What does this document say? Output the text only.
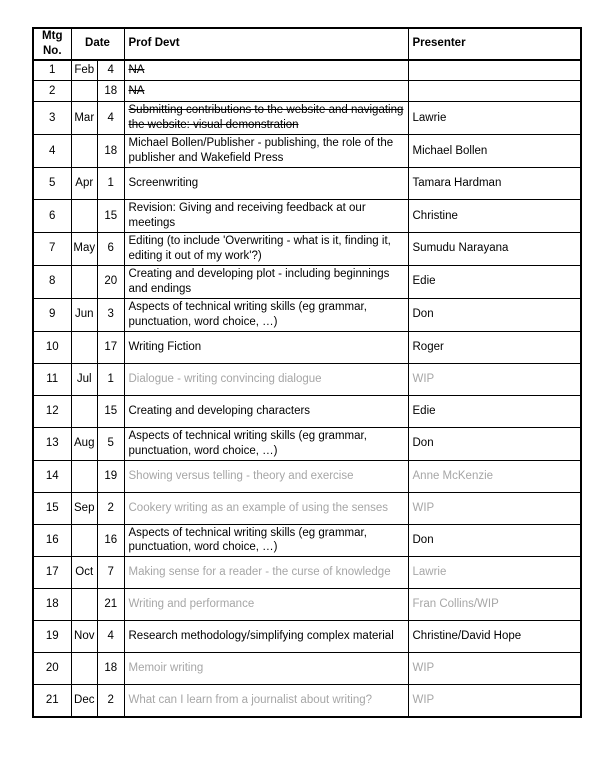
Mtg No.	Date		Prof Devt	Presenter
1	Feb	4	NA	
2		18	NA	
3	Mar	4	Submitting contributions to the website and navigating the website: visual demonstration	Lawrie
4		18	Michael Bollen/Publisher - publishing, the role of the publisher and Wakefield Press	Michael Bollen
5	Apr	1	Screenwriting	Tamara Hardman
6		15	Revision: Giving and receiving feedback at our meetings	Christine
7	May	6	Editing (to include 'Overwriting - what is it, finding it, editing it out of my work'?)	Sumudu Narayana
8		20	Creating and developing plot - including beginnings and endings	Edie
9	Jun	3	Aspects of technical writing skills (eg grammar, punctuation, word choice, …)	Don
10		17	Writing Fiction	Roger
11	Jul	1	Dialogue - writing convincing dialogue	WIP
12		15	Creating and developing characters	Edie
13	Aug	5	Aspects of technical writing skills (eg grammar, punctuation, word choice, …)	Don
14		19	Showing versus telling - theory and exercise	Anne McKenzie
15	Sep	2	Cookery writing as an example of using the senses	WIP
16		16	Aspects of technical writing skills (eg grammar, punctuation, word choice, …)	Don
17	Oct	7	Making sense for a reader - the curse of knowledge	Lawrie
18		21	Writing and performance	Fran Collins/WIP
19	Nov	4	Research methodology/simplifying complex material	Christine/David Hope
20		18	Memoir writing	WIP
21	Dec	2	What can I learn from a journalist about writing?	WIP
